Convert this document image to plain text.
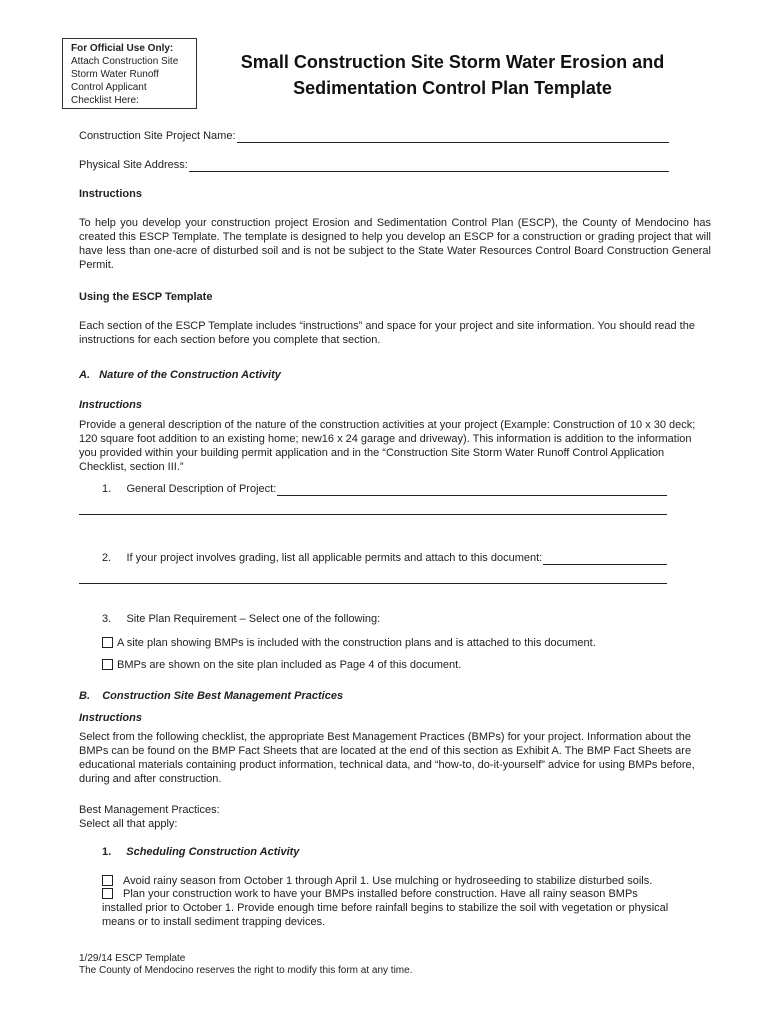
For Official Use Only:
Attach Construction Site
Storm Water Runoff
Control Applicant
Checklist Here:
Small Construction Site Storm Water Erosion and
Sedimentation Control Plan Template
Construction Site Project Name:
Physical Site Address:
Instructions
To help you develop your construction project Erosion and Sedimentation Control Plan (ESCP), the County of Mendocino has created this ESCP Template. The template is designed to help you develop an ESCP for a construction or grading project that will have less than one-acre of disturbed soil and is not be subject to the State Water Resources Control Board Construction General Permit.
Using the ESCP Template
Each section of the ESCP Template includes “instructions” and space for your project and site information. You should read the instructions for each section before you complete that section.
A.   Nature of the Construction Activity
Instructions
Provide a general description of the nature of the construction activities at your project (Example: Construction of 10 x 30 deck; 120 square foot addition to an existing home; new16 x 24 garage and driveway). This information is addition to the information you provided within your building permit application and in the “Construction Site Storm Water Runoff Control Application Checklist, section III.”
1.     General Description of Project:
2.     If your project involves grading, list all applicable permits and attach to this document:
3.     Site Plan Requirement – Select one of the following:
A site plan showing BMPs is included with the construction plans and is attached to this document.
BMPs are shown on the site plan included as Page 4 of this document.
B.    Construction Site Best Management Practices
Instructions
Select from the following checklist, the appropriate Best Management Practices (BMPs) for your project. Information about the BMPs can be found on the BMP Fact Sheets that are located at the end of this section as Exhibit A. The BMP Fact Sheets are educational materials containing product information, technical data, and “how-to, do-it-yourself” advice for using BMPs before, during and after construction.
Best Management Practices:
Select all that apply:
1. Scheduling Construction Activity
Avoid rainy season from October 1 through April 1. Use mulching or hydroseeding to stabilize disturbed soils.
Plan your construction work to have your BMPs installed before construction. Have all rainy season BMPs
installed prior to October 1. Provide enough time before rainfall begins to stabilize the soil with vegetation or physical means or to install sediment trapping devices.
1/29/14 ESCP Template
The County of Mendocino reserves the right to modify this form at any time.
